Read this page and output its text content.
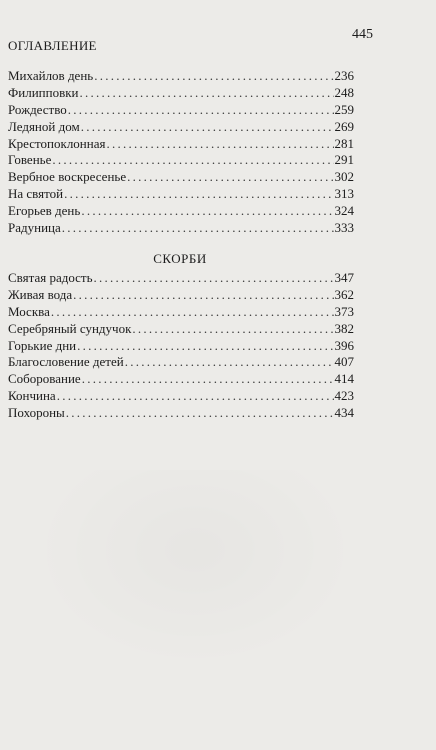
ОГЛАВЛЕНИЕ
445
Михайлов день . . .	236
Филипповки . . .	248
Рождество . . .	259
Ледяной дом . . .	269
Крестопоклонная . . .	281
Говенье . . .	291
Вербное воскресенье . . .	302
На святой . . .	313
Егорьев день . . .	324
Радуница . . .	333
СКОРБИ
Святая радость . . .	347
Живая вода . . .	362
Москва . . .	373
Серебряный сундучок . . .	382
Горькие дни . . .	396
Благословение детей . . .	407
Соборование . . .	414
Кончина . . .	423
Похороны . . .	434
